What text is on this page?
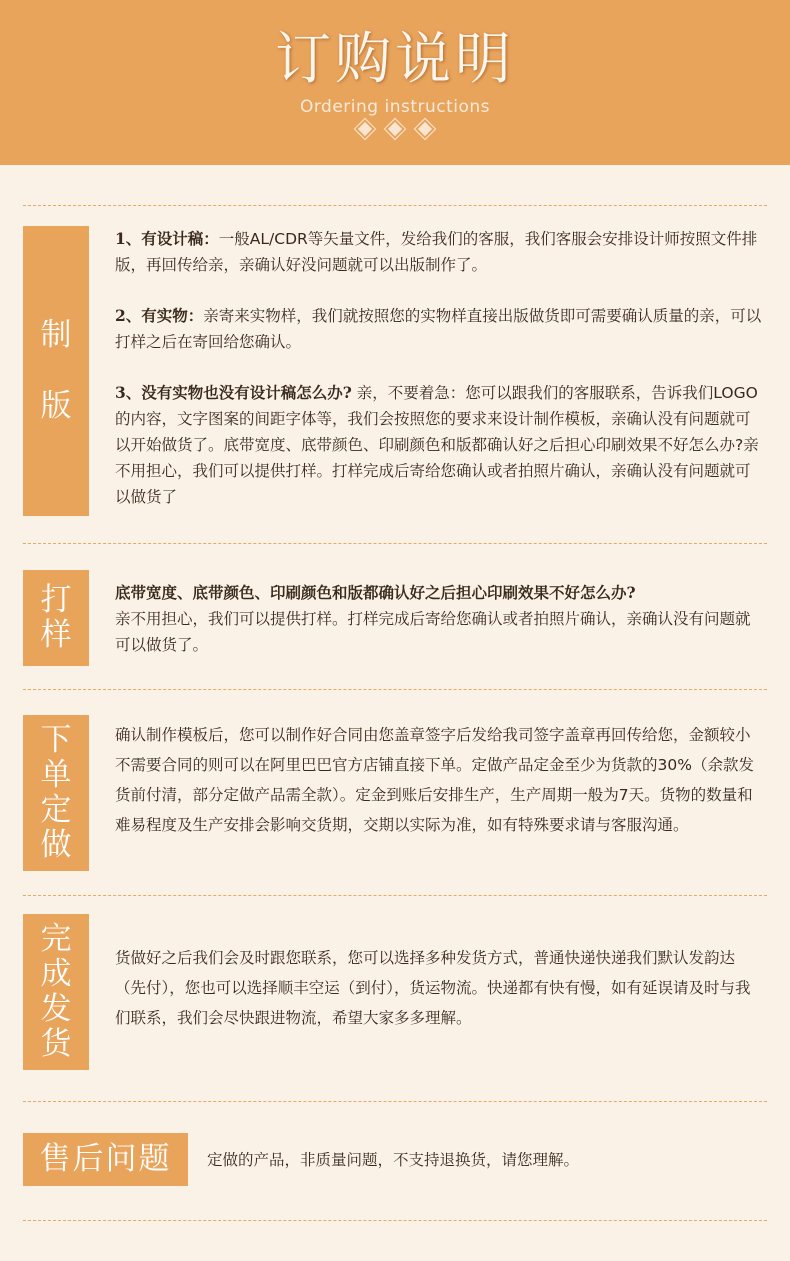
订购说明
Ordering instructions
制
版

1、有设计稿：一般AL/CDR等矢量文件，发给我们的客服，我们客服会安排设计师按照文件排版，再回传给亲，亲确认好没问题就可以出版制作了。

2、有实物：亲寄来实物样，我们就按照您的实物样直接出版做货即可需要确认质量的亲，可以打样之后在寄回给您确认。

3、没有实物也没有设计稿怎么办? 亲，不要着急：您可以跟我们的客服联系，告诉我们LOGO的内容，文字图案的间距字体等，我们会按照您的要求来设计制作模板，亲确认没有问题就可以开始做货了。底带宽度、底带颜色、印刷颜色和版都确认好之后担心印刷效果不好怎么办?亲不用担心，我们可以提供打样。打样完成后寄给您确认或者拍照片确认，亲确认没有问题就可以做货了

打
样

底带宽度、底带颜色、印刷颜色和版都确认好之后担心印刷效果不好怎么办?

亲不用担心，我们可以提供打样。打样完成后寄给您确认或者拍照片确认，亲确认没有问题就可以做货了。

下
单
定
做

确认制作模板后，您可以制作好合同由您盖章签字后发给我司签字盖章再回传给您，金额较小不需要合同的则可以在阿里巴巴官方店铺直接下单。定做产品定金至少为货款的30%（余款发货前付清，部分定做产品需全款）。定金到账后安排生产，生产周期一般为7天。货物的数量和难易程度及生产安排会影响交货期，交期以实际为准，如有特殊要求请与客服沟通。

完
成
发
货

货做好之后我们会及时跟您联系，您可以选择多种发货方式，普通快递快递我们默认发韵达（先付），您也可以选择顺丰空运（到付），货运物流。快递都有快有慢，如有延误请及时与我们联系，我们会尽快跟进物流，希望大家多多理解。

售后问题	定做的产品，非质量问题，不支持退换货，请您理解。
